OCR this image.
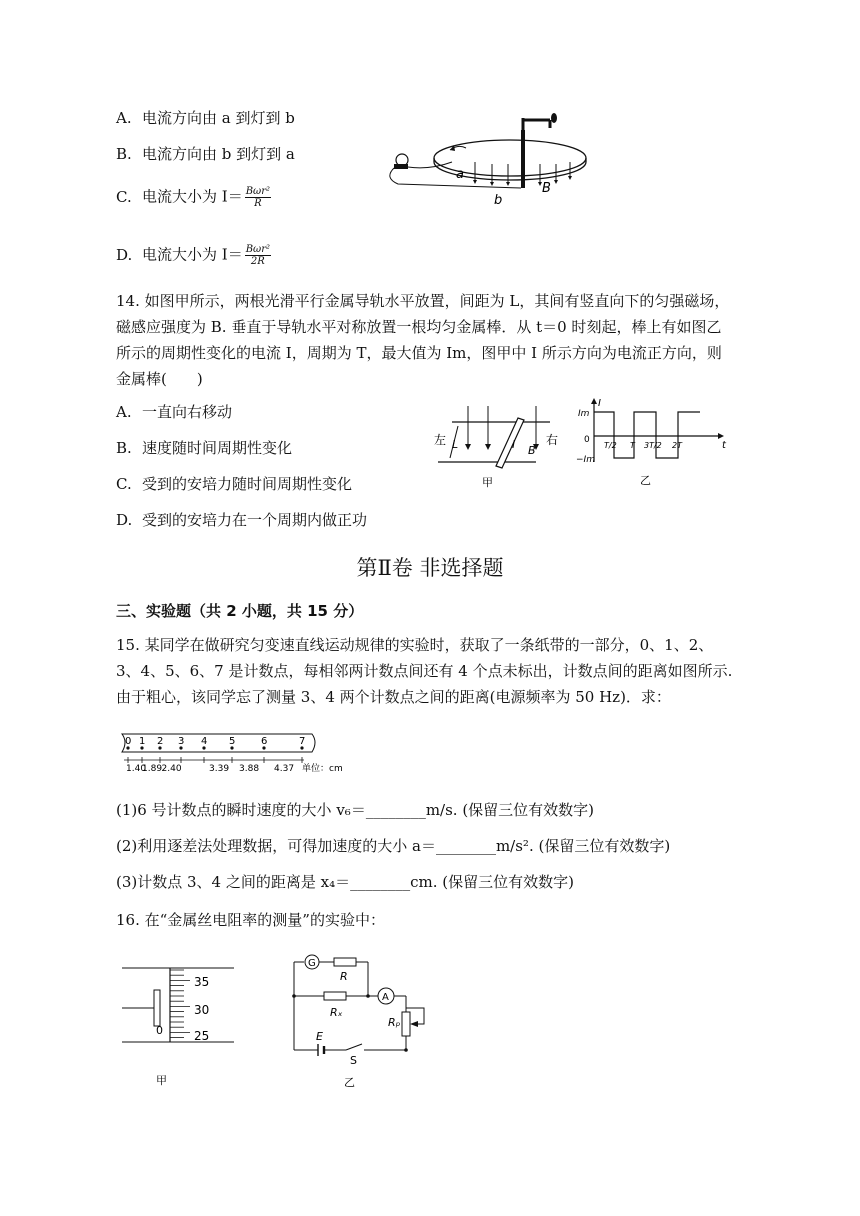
A. 电流方向由 a 到灯到 b
B. 电流方向由 b 到灯到 a
C. 电流大小为 $I= \frac{\text{Bωr²}}{R}$
D. 电流大小为 $I= \frac{\text{Bωr²}}{2R}$
a
b
B
14. 如图甲所示，两根光滑平行金属导轨水平放置，间距为 L，其间有竖直向下的匀强磁场，磁感应强度为 B. 垂直于导轨水平对称放置一根均匀金属棒．从 t＝0 时刻起，棒上有如图乙所示的周期性变化的电流 I，周期为 T，最大值为 Im，图甲中 I 所示方向为电流正方向，则金属棒(　　)
A. 一直向右移动
B. 速度随时间周期性变化
C. 受到的安培力随时间周期性变化
D. 受到的安培力在一个周期内做正功
左	右
L	I B
甲
Im
−Im
I
t
0
T/2 T 3T/2 2T
乙
第Ⅱ卷 非选择题
三、实验题（共 2 小题，共 15 分）
15. 某同学在做研究匀变速直线运动规律的实验时，获取了一条纸带的一部分，0、1、2、3、4、5、6、7 是计数点，每相邻两计数点间还有 4 个点未标出，计数点间的距离如图所示. 由于粗心，该同学忘了测量 3、4 两个计数点之间的距离(电源频率为 50 Hz)．求：
0 1 2 3 4 5	6	7
1.40
1.89 2.40	3.39 3.88 4.37 单位：cm
(1)6 号计数点的瞬时速度的大小 v₆＝________m/s. (保留三位有效数字)
(2)利用逐差法处理数据，可得加速度的大小 a＝________m/s². (保留三位有效数字)
(3)计数点 3、4 之间的距离是 x₄＝________cm. (保留三位有效数字)
16. 在“金属丝电阻率的测量”的实验中：
35
30
25
0
甲
G
R
Rₓ
A
Rₚ
E
S
乙
